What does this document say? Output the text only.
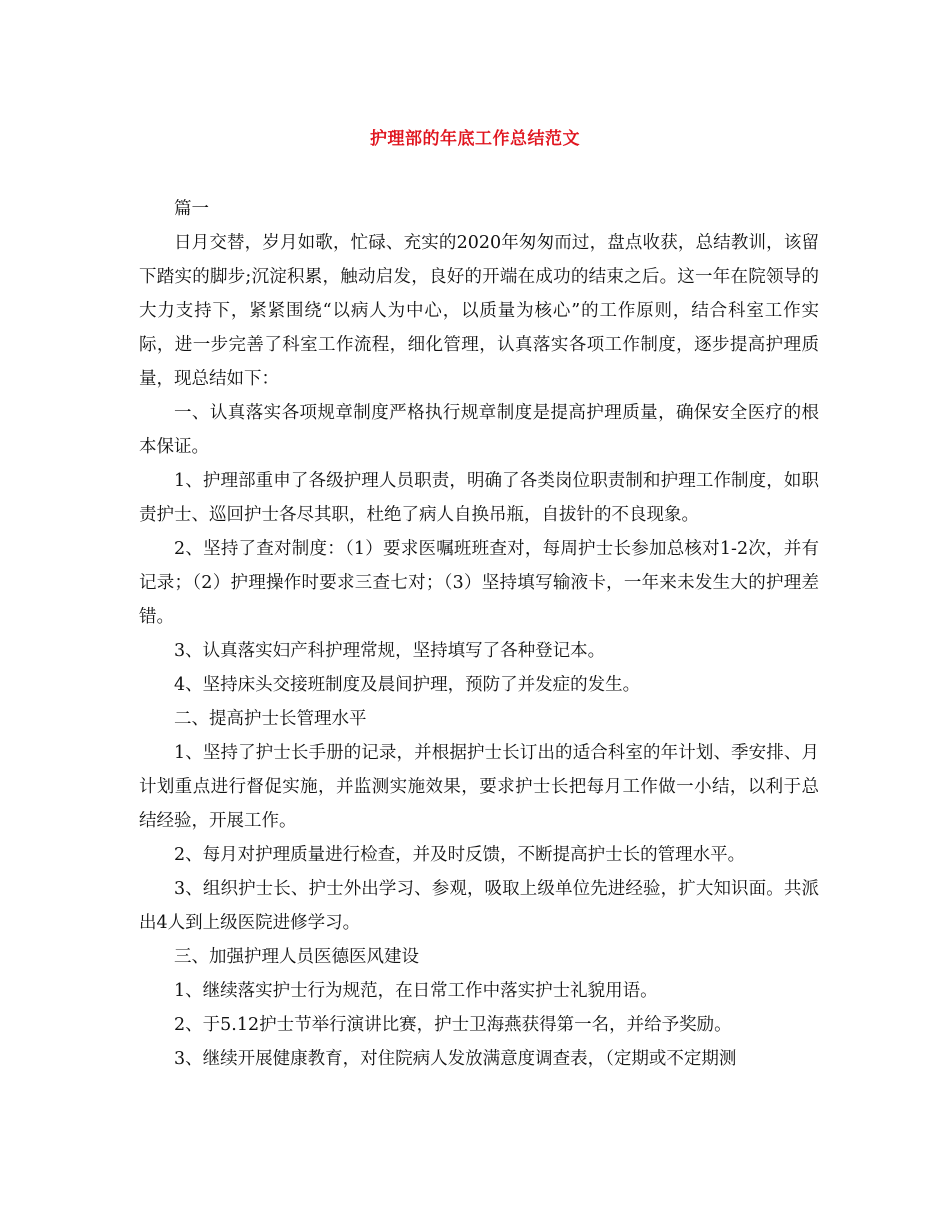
护理部的年底工作总结范文

篇一

日月交替，岁月如歌，忙碌、充实的2020年匆匆而过，盘点收获，总结教训，该留下踏实的脚步;沉淀积累，触动启发，良好的开端在成功的结束之后。这一年在院领导的大力支持下，紧紧围绕“以病人为中心，以质量为核心”的工作原则，结合科室工作实际，进一步完善了科室工作流程，细化管理，认真落实各项工作制度，逐步提高护理质量，现总结如下：

一、认真落实各项规章制度严格执行规章制度是提高护理质量，确保安全医疗的根本保证。

1、护理部重申了各级护理人员职责，明确了各类岗位职责制和护理工作制度，如职责护士、巡回护士各尽其职，杜绝了病人自换吊瓶，自拔针的不良现象。

2、坚持了查对制度：（1）要求医嘱班班查对，每周护士长参加总核对1-2次，并有记录；（2）护理操作时要求三查七对；（3）坚持填写输液卡，一年来未发生大的护理差错。

3、认真落实妇产科护理常规，坚持填写了各种登记本。

4、坚持床头交接班制度及晨间护理，预防了并发症的发生。

二、提高护士长管理水平

1、坚持了护士长手册的记录，并根据护士长订出的适合科室的年计划、季安排、月计划重点进行督促实施，并监测实施效果，要求护士长把每月工作做一小结，以利于总结经验，开展工作。

2、每月对护理质量进行检查，并及时反馈，不断提高护士长的管理水平。

3、组织护士长、护士外出学习、参观，吸取上级单位先进经验，扩大知识面。共派出4人到上级医院进修学习。

三、加强护理人员医德医风建设

1、继续落实护士行为规范，在日常工作中落实护士礼貌用语。

2、于5.12护士节举行演讲比赛，护士卫海燕获得第一名，并给予奖励。

3、继续开展健康教育，对住院病人发放满意度调查表，（定期或不定期测
